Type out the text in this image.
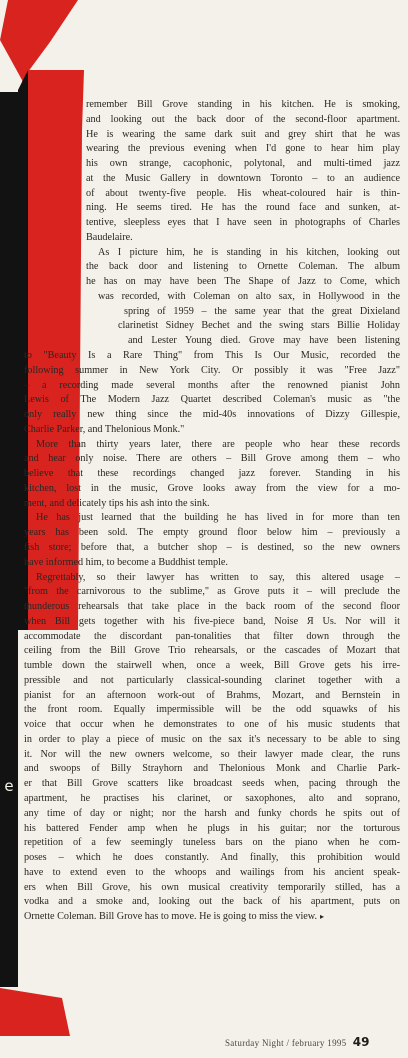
e
remember Bill Grove standing in his kitchen. He is smoking,
and looking out the back door of the second-floor apartment.
He is wearing the same dark suit and grey shirt that he was
wearing the previous evening when I'd gone to hear him play
his own strange, cacophonic, polytonal, and multi-timed jazz
at the Music Gallery in downtown Toronto – to an audience
of about twenty-five people. His wheat-coloured hair is thin-
ning. He seems tired. He has the round face and sunken, at-
tentive, sleepless eyes that I have seen in photographs of Charles
Baudelaire.
As I picture him, he is standing in his kitchen, looking out
the back door and listening to Ornette Coleman. The album
he has on may have been The Shape of Jazz to Come, which
was recorded, with Coleman on alto sax, in Hollywood in the
spring of 1959 – the same year that the great Dixieland
clarinetist Sidney Bechet and the swing stars Billie Holiday
and Lester Young died. Grove may have been listening
to "Beauty Is a Rare Thing" from This Is Our Music, recorded the
following summer in New York City. Or possibly it was "Free Jazz"
– a recording made several months after the renowned pianist John
Lewis of The Modern Jazz Quartet described Coleman's music as "the
only really new thing since the mid-40s innovations of Dizzy Gillespie,
Charlie Parker, and Thelonious Monk."
More than thirty years later, there are people who hear these records
and hear only noise. There are others – Bill Grove among them – who
believe that these recordings changed jazz forever. Standing in his
kitchen, lost in the music, Grove looks away from the view for a mo-
ment, and delicately tips his ash into the sink.
He has just learned that the building he has lived in for more than ten
years has been sold. The empty ground floor below him – previously a
fish store; before that, a butcher shop – is destined, so the new owners
have informed him, to become a Buddhist temple.
Regrettably, so their lawyer has written to say, this altered usage –
"from the carnivorous to the sublime," as Grove puts it – will preclude the
thunderous rehearsals that take place in the back room of the second floor
when Bill gets together with his five-piece band, Noise Я Us. Nor will it
accommodate the discordant pan-tonalities that filter down through the
ceiling from the Bill Grove Trio rehearsals, or the cascades of Mozart that
tumble down the stairwell when, once a week, Bill Grove gets his irre-
pressible and not particularly classical-sounding clarinet together with a
pianist for an afternoon work-out of Brahms, Mozart, and Bernstein in
the front room. Equally impermissible will be the odd squawks of his
voice that occur when he demonstrates to one of his music students that
in order to play a piece of music on the sax it's necessary to be able to sing
it. Nor will the new owners welcome, so their lawyer made clear, the runs
and swoops of Billy Strayhorn and Thelonious Monk and Charlie Park-
er that Bill Grove scatters like broadcast seeds when, pacing through the
apartment, he practises his clarinet, or saxophones, alto and soprano,
any time of day or night; nor the harsh and funky chords he spits out of
his battered Fender amp when he plugs in his guitar; nor the torturous
repetition of a few seemingly tuneless bars on the piano when he com-
poses – which he does constantly. And finally, this prohibition would
have to extend even to the whoops and wailings from his ancient speak-
ers when Bill Grove, his own musical creativity temporarily stilled, has a
vodka and a smoke and, looking out the back of his apartment, puts on
Ornette Coleman. Bill Grove has to move. He is going to miss the view. ▸
Saturday Night / february 1995 49
